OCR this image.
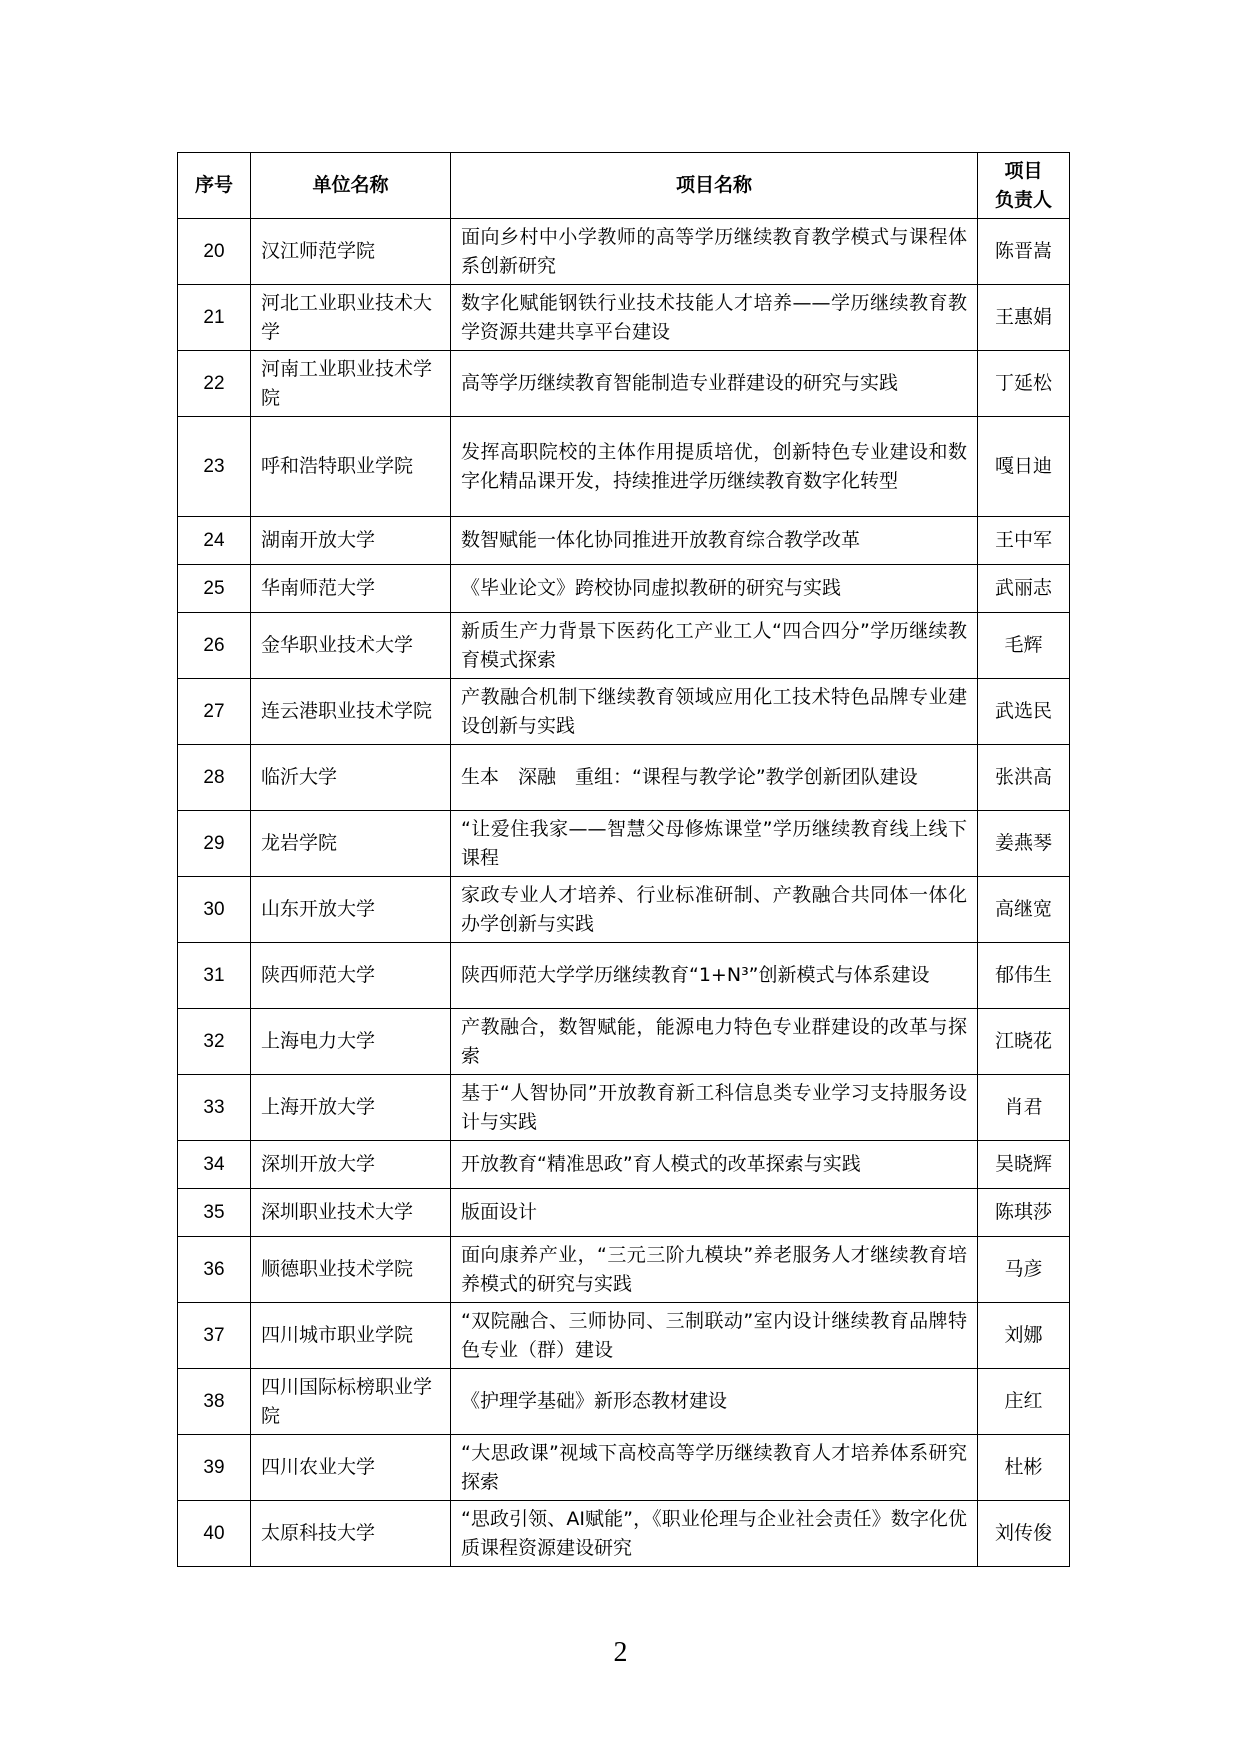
序号	单位名称	项目名称	项目
负责人

20	汉江师范学院	面向乡村中小学教师的高等学历继续教育教学模式与课程体系创新研究	陈晋嵩
21	河北工业职业技术大学	数字化赋能钢铁行业技术技能人才培养——学历继续教育教学资源共建共享平台建设	王惠娟
22	河南工业职业技术学院	高等学历继续教育智能制造专业群建设的研究与实践	丁延松
23	呼和浩特职业学院	发挥高职院校的主体作用提质培优，创新特色专业建设和数字化精品课开发，持续推进学历继续教育数字化转型	嘎日迪
24	湖南开放大学	数智赋能一体化协同推进开放教育综合教学改革	王中军
25	华南师范大学	《毕业论文》跨校协同虚拟教研的研究与实践	武丽志
26	金华职业技术大学	新质生产力背景下医药化工产业工人“四合四分”学历继续教育模式探索	毛辉
27	连云港职业技术学院	产教融合机制下继续教育领域应用化工技术特色品牌专业建设创新与实践	武选民
28	临沂大学	生本　深融　重组：“课程与教学论”教学创新团队建设	张洪高
29	龙岩学院	“让爱住我家——智慧父母修炼课堂”学历继续教育线上线下课程	姜燕琴
30	山东开放大学	家政专业人才培养、行业标准研制、产教融合共同体一体化办学创新与实践	高继宽
31	陕西师范大学	陕西师范大学学历继续教育“1+N³”创新模式与体系建设	郁伟生
32	上海电力大学	产教融合，数智赋能，能源电力特色专业群建设的改革与探索	江晓花
33	上海开放大学	基于“人智协同”开放教育新工科信息类专业学习支持服务设计与实践	肖君
34	深圳开放大学	开放教育“精准思政”育人模式的改革探索与实践	吴晓辉
35	深圳职业技术大学	版面设计	陈琪莎
36	顺德职业技术学院	面向康养产业，“三元三阶九模块”养老服务人才继续教育培养模式的研究与实践	马彦
37	四川城市职业学院	“双院融合、三师协同、三制联动”室内设计继续教育品牌特色专业（群）建设	刘娜
38	四川国际标榜职业学院	《护理学基础》新形态教材建设	庄红
39	四川农业大学	“大思政课”视域下高校高等学历继续教育人才培养体系研究探索	杜彬
40	太原科技大学	“思政引领、AI赋能”，《职业伦理与企业社会责任》数字化优质课程资源建设研究	刘传俊
2
